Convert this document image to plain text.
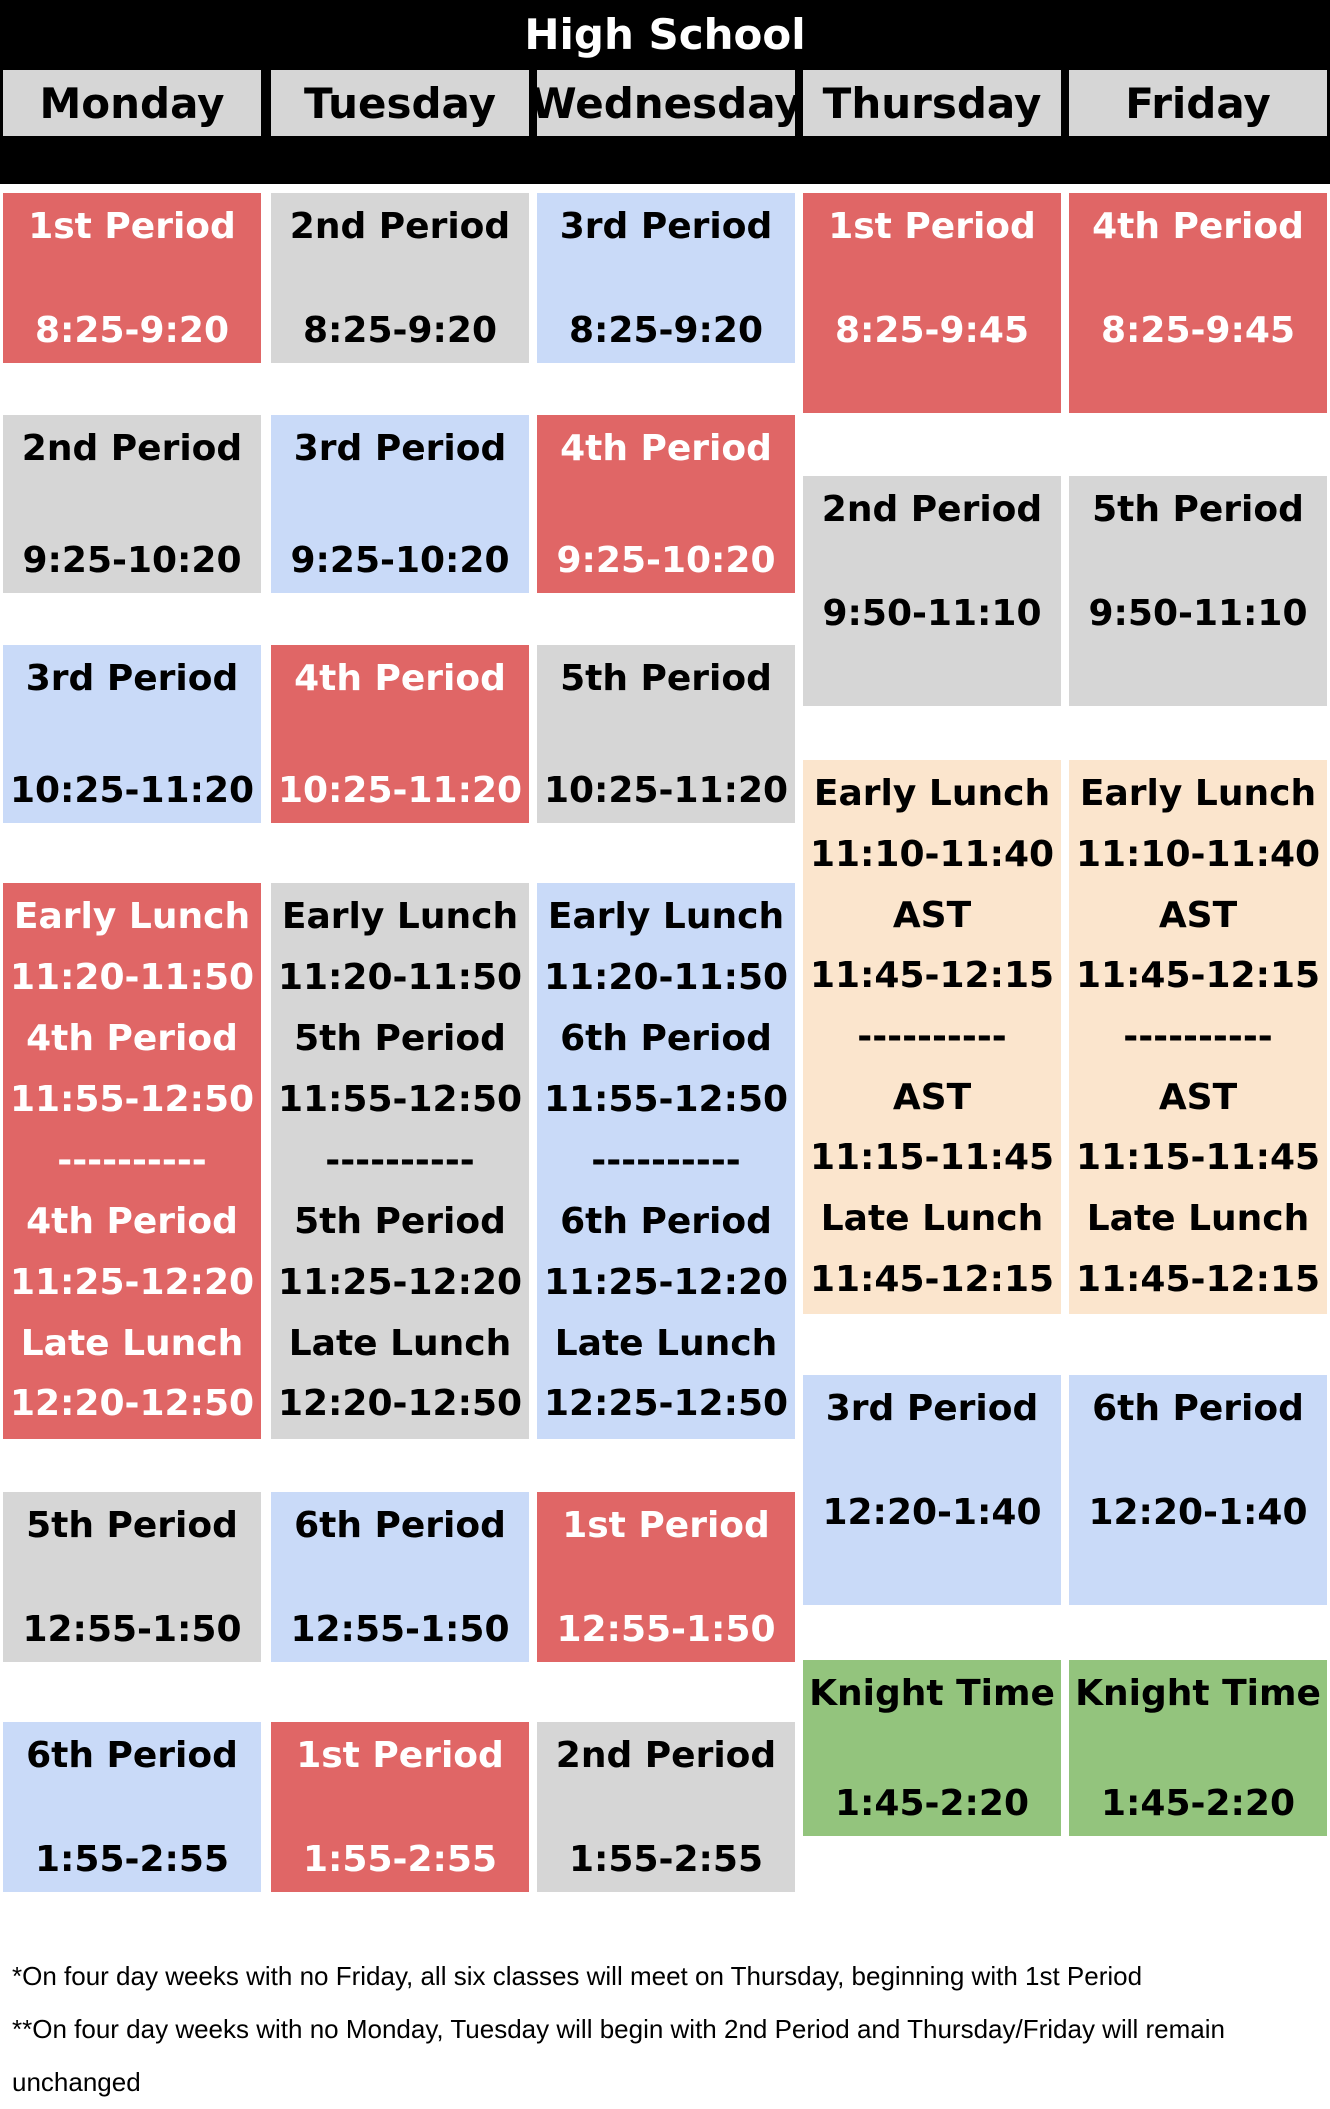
High School
Monday	Tuesday Wednesday Thursday	Friday
1st Period
8:25-9:20
2nd Period
9:25-10:20
3rd Period
10:25-11:20
Early Lunch
11:20-11:50
4th Period
11:55-12:50
----------
4th Period
11:25-12:20
Late Lunch
12:20-12:50
5th Period
12:55-1:50
6th Period
1:55-2:55
2nd Period
8:25-9:20
3rd Period
9:25-10:20
4th Period
10:25-11:20
Early Lunch
11:20-11:50
5th Period
11:55-12:50
----------
5th Period
11:25-12:20
Late Lunch
12:20-12:50
6th Period
12:55-1:50
1st Period
1:55-2:55
3rd Period
8:25-9:20
4th Period
9:25-10:20
5th Period
10:25-11:20
Early Lunch
11:20-11:50
6th Period
11:55-12:50
----------
6th Period
11:25-12:20
Late Lunch
12:25-12:50
1st Period
12:55-1:50
2nd Period
1:55-2:55
1st Period
8:25-9:45
2nd Period
9:50-11:10
Early Lunch
11:10-11:40
AST
11:45-12:15
----------
AST
11:15-11:45
Late Lunch
11:45-12:15
3rd Period
12:20-1:40
Knight Time
1:45-2:20
4th Period
8:25-9:45
5th Period
9:50-11:10
Early Lunch
11:10-11:40
AST
11:45-12:15
----------
AST
11:15-11:45
Late Lunch
11:45-12:15
6th Period
12:20-1:40
Knight Time
1:45-2:20

*On four day weeks with no Friday, all six classes will meet on Thursday, beginning with 1st Period

**On four day weeks with no Monday, Tuesday will begin with 2nd Period and Thursday/Friday will remain unchanged
